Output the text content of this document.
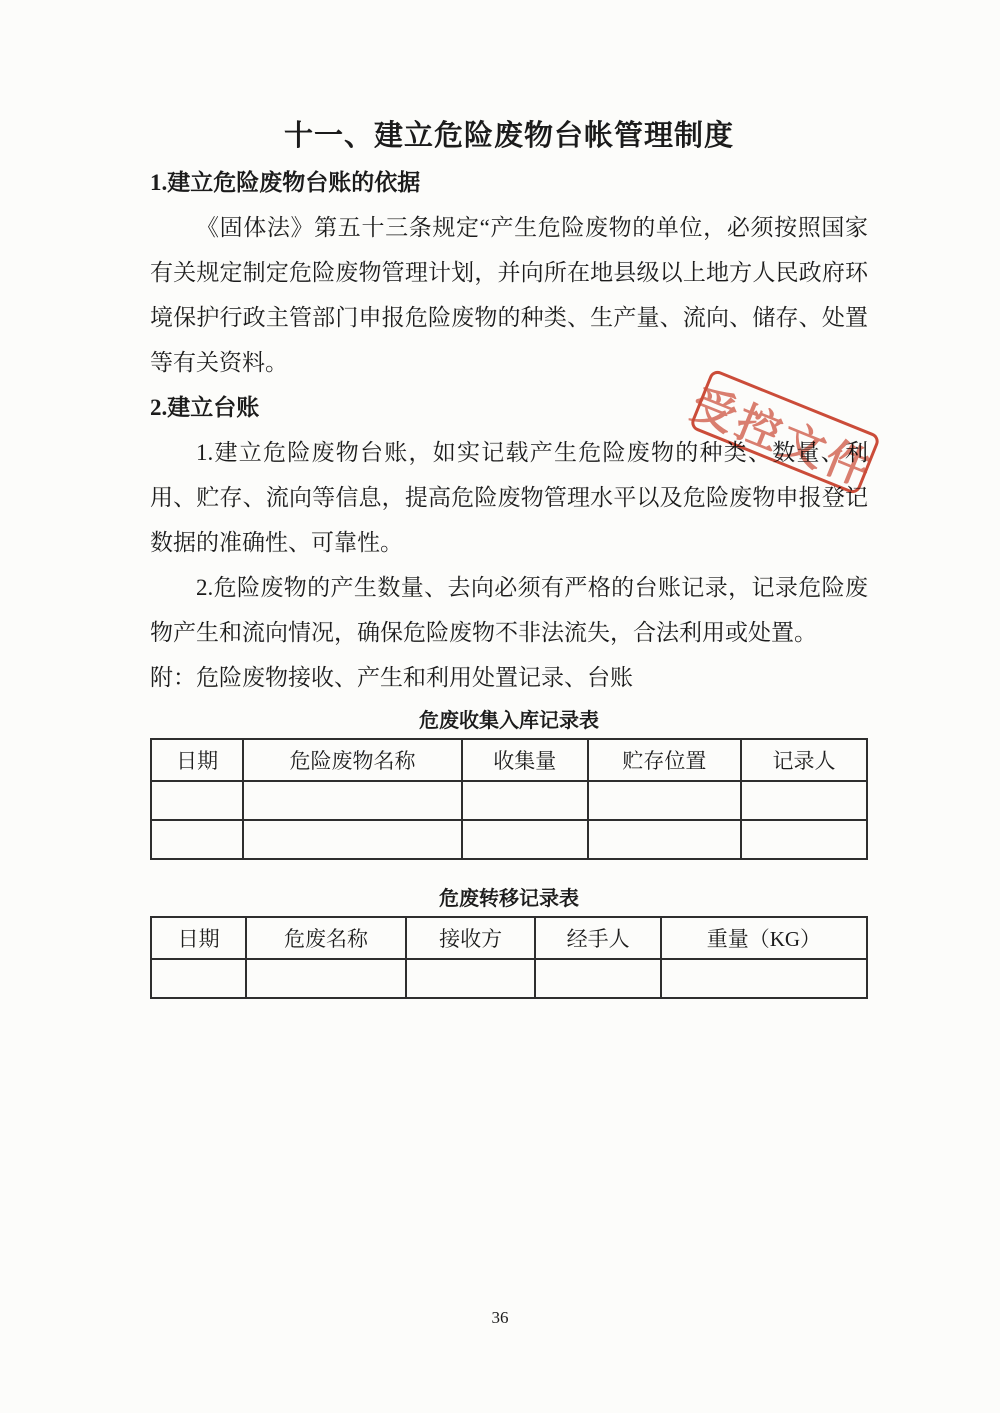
十一、建立危险废物台帐管理制度
1.建立危险废物台账的依据

《固体法》第五十三条规定“产生危险废物的单位，必须按照国家有关规定制定危险废物管理计划，并向所在地县级以上地方人民政府环境保护行政主管部门申报危险废物的种类、生产量、流向、储存、处置等有关资料。

2.建立台账

1.建立危险废物台账，如实记载产生危险废物的种类、数量、利用、贮存、流向等信息，提高危险废物管理水平以及危险废物申报登记数据的准确性、可靠性。

2.危险废物的产生数量、去向必须有严格的台账记录，记录危险废物产生和流向情况，确保危险废物不非法流失，合法利用或处置。

附：危险废物接收、产生和利用处置记录、台账

危废收集入库记录表
日期	危险废物名称	收集量	贮存位置	记录人

危废转移记录表
日期	危废名称	接收方	经手人	重量（KG）

受控文件
36
